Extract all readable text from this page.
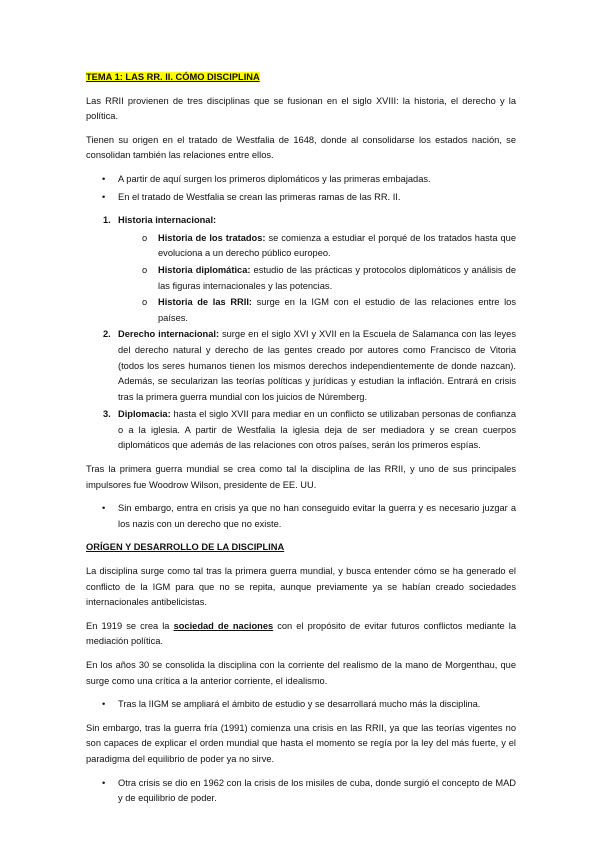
TEMA 1: LAS RR. II. CÓMO DISCIPLINA

Las RRII provienen de tres disciplinas que se fusionan en el siglo XVIII: la historia, el derecho y la política.

Tienen su origen en el tratado de Westfalia de 1648, donde al consolidarse los estados nación, se consolidan también las relaciones entre ellos.

• A partir de aquí surgen los primeros diplomáticos y las primeras embajadas.
• En el tratado de Westfalia se crean las primeras ramas de las RR. II.
1. Historia internacional:
o Historia de los tratados: se comienza a estudiar el porqué de los tratados hasta que evoluciona a un derecho público europeo.
o Historia diplomática: estudio de las prácticas y protocolos diplomáticos y análisis de las figuras internacionales y las potencias.
o Historia de las RRII: surge en la IGM con el estudio de las relaciones entre los países.
2. Derecho internacional: surge en el siglo XVI y XVII en la Escuela de Salamanca con las leyes del derecho natural y derecho de las gentes creado por autores como Francisco de Vitoria (todos los seres humanos tienen los mismos derechos independientemente de donde nazcan). Además, se secularizan las teorías políticas y jurídicas y estudian la inflación. Entrará en crisis tras la primera guerra mundial con los juicios de Núremberg.
3. Diplomacia: hasta el siglo XVII para mediar en un conflicto se utilizaban personas de confianza o a la iglesia. A partir de Westfalia la iglesia deja de ser mediadora y se crean cuerpos diplomáticos que además de las relaciones con otros países, serán los primeros espías.

Tras la primera guerra mundial se crea como tal la disciplina de las RRII, y uno de sus principales impulsores fue Woodrow Wilson, presidente de EE. UU.

• Sin embargo, entra en crisis ya que no han conseguido evitar la guerra y es necesario juzgar a los nazis con un derecho que no existe.

ORÍGEN Y DESARROLLO DE LA DISCIPLINA

La disciplina surge como tal tras la primera guerra mundial, y busca entender cómo se ha generado el conflicto de la IGM para que no se repita, aunque previamente ya se habían creado sociedades internacionales antibelicistas.

En 1919 se crea la sociedad de naciones con el propósito de evitar futuros conflictos mediante la mediación política.

En los años 30 se consolida la disciplina con la corriente del realismo de la mano de Morgenthau, que surge como una crítica a la anterior corriente, el idealismo.

• Tras la IIGM se ampliará el ámbito de estudio y se desarrollará mucho más la disciplina.

Sin embargo, tras la guerra fría (1991) comienza una crisis en las RRII, ya que las teorías vigentes no son capaces de explicar el orden mundial que hasta el momento se regía por la ley del más fuerte, y el paradigma del equilibrio de poder ya no sirve.

• Otra crisis se dio en 1962 con la crisis de los misiles de cuba, donde surgió el concepto de MAD y de equilibrio de poder.
